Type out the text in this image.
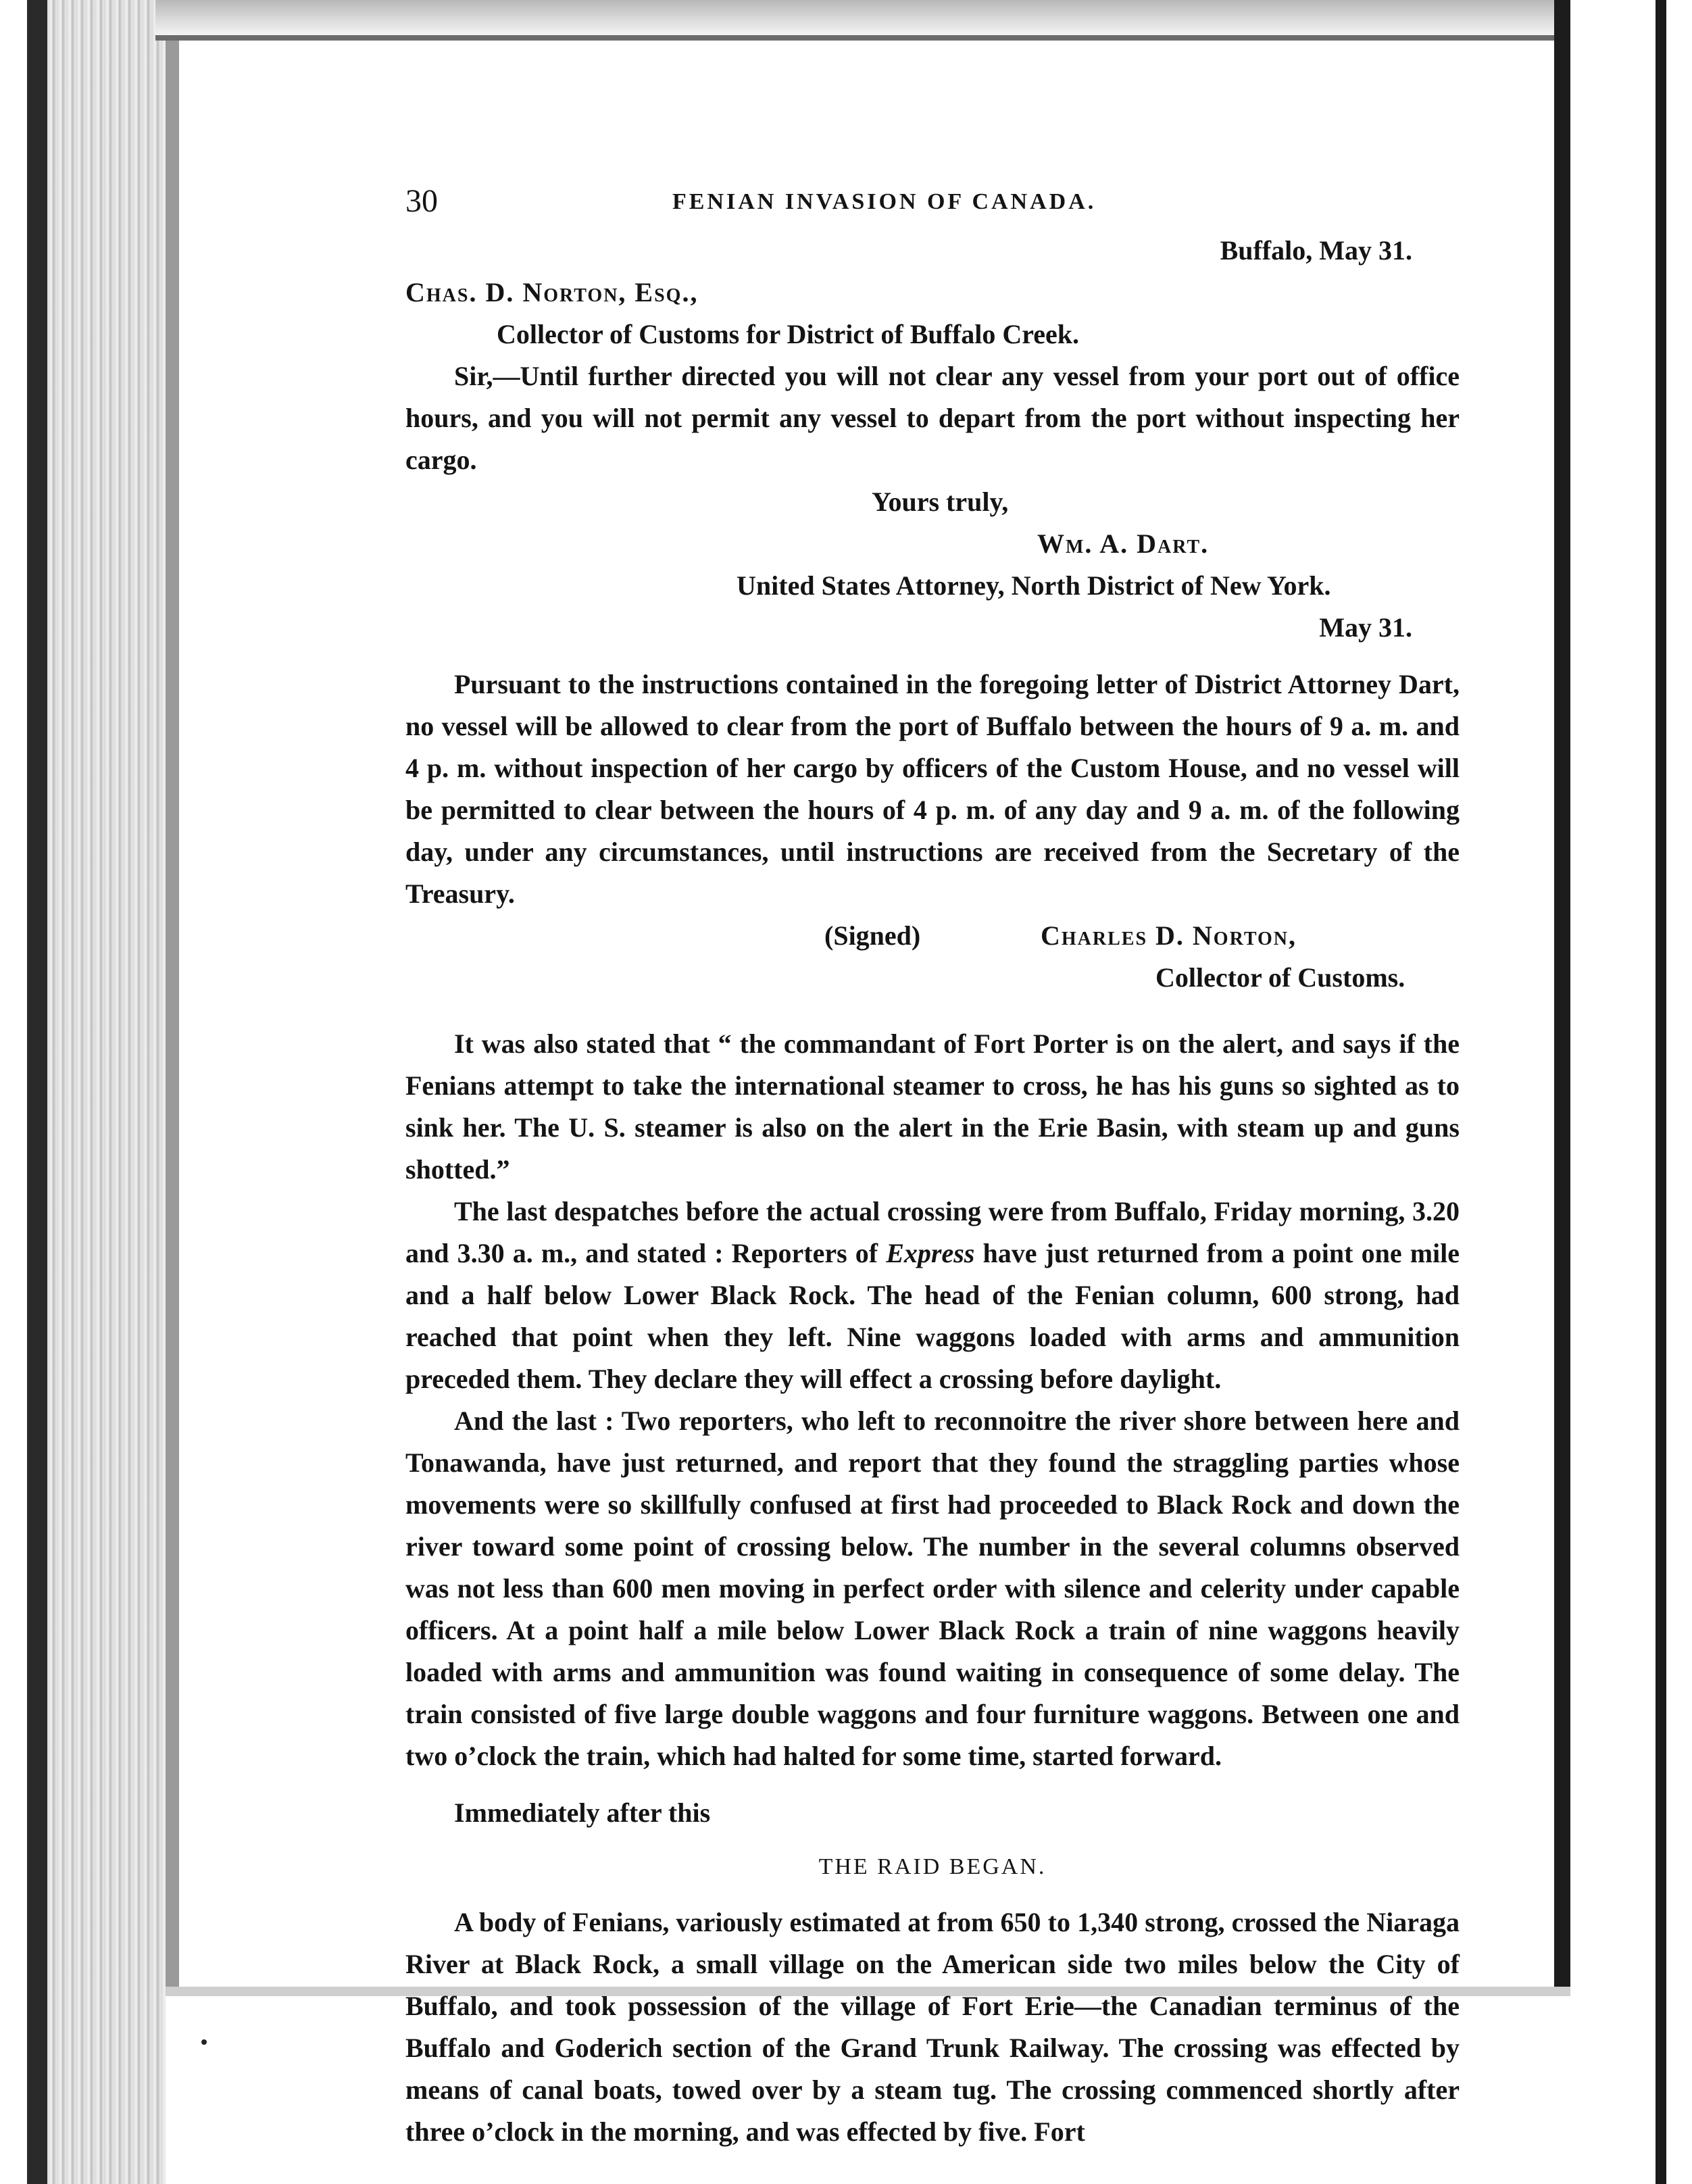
30	FENIAN INVASION OF CANADA.
Buffalo, May 31.
Chas. D. Norton, Esq.,
Collector of Customs for District of Buffalo Creek.

Sir,—Until further directed you will not clear any vessel from your port out of office hours, and you will not permit any vessel to depart from the port without inspecting her cargo.

Yours truly,
Wm. A. Dart.
United States Attorney, North District of New York.
May 31.

Pursuant to the instructions contained in the foregoing letter of District Attorney Dart, no vessel will be allowed to clear from the port of Buffalo between the hours of 9 a. m. and 4 p. m. without inspection of her cargo by officers of the Custom House, and no vessel will be permitted to clear between the hours of 4 p. m. of any day and 9 a. m. of the following day, under any circumstances, until instructions are received from the Secretary of the Treasury.

(Signed)	Charles D. Norton,
Collector of Customs.

It was also stated that “ the commandant of Fort Porter is on the alert, and says if the Fenians attempt to take the international steamer to cross, he has his guns so sighted as to sink her. The U. S. steamer is also on the alert in the Erie Basin, with steam up and guns shotted.”

The last despatches before the actual crossing were from Buffalo, Friday morning, 3.20 and 3.30 a. m., and stated : Reporters of Express have just returned from a point one mile and a half below Lower Black Rock. The head of the Fenian column, 600 strong, had reached that point when they left. Nine waggons loaded with arms and ammunition preceded them. They declare they will effect a crossing before daylight.

And the last : Two reporters, who left to reconnoitre the river shore between here and Tonawanda, have just returned, and report that they found the straggling parties whose movements were so skillfully confused at first had proceeded to Black Rock and down the river toward some point of crossing below. The number in the several columns observed was not less than 600 men moving in perfect order with silence and celerity under capable officers. At a point half a mile below Lower Black Rock a train of nine waggons heavily loaded with arms and ammunition was found waiting in consequence of some delay. The train consisted of five large double waggons and four furniture waggons. Between one and two o’clock the train, which had halted for some time, started forward.

Immediately after this

THE RAID BEGAN.

A body of Fenians, variously estimated at from 650 to 1,340 strong, crossed the Niaraga River at Black Rock, a small village on the American side two miles below the City of Buffalo, and took possession of the village of Fort Erie—the Canadian terminus of the Buffalo and Goderich section of the Grand Trunk Railway. The crossing was effected by means of canal boats, towed over by a steam tug. The crossing commenced shortly after three o’clock in the morning, and was effected by five. Fort
